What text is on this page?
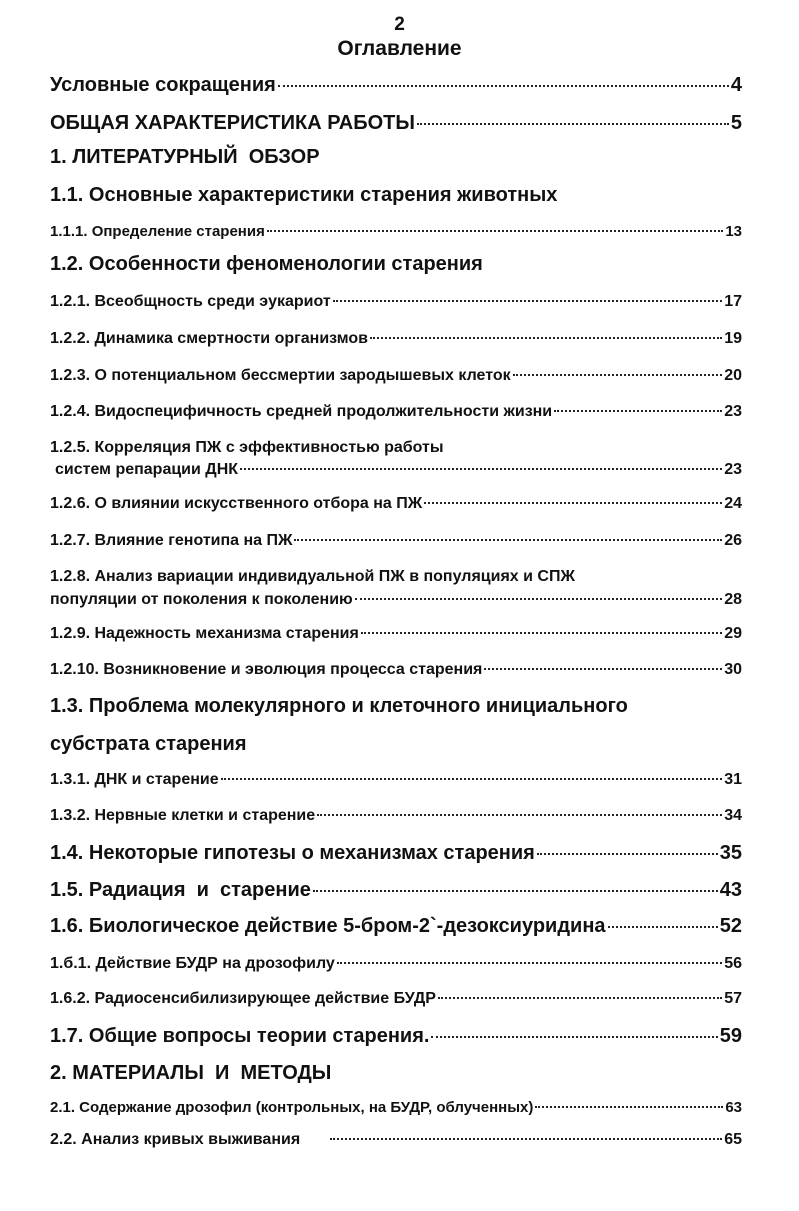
2
Оглавление
Условные сокращения	4
ОБЩАЯ ХАРАКТЕРИСТИКА РАБОТЫ	5
1. ЛИТЕРАТУРНЫЙ  ОБЗОР
1.1. Основные характеристики старения животных
1.1.1. Определение старения	13
1.2. Особенности феноменологии старения
1.2.1. Всеобщность среди эукариот	17
1.2.2. Динамика смертности организмов	19
1.2.3. О потенциальном бессмертии зародышевых клеток	20
1.2.4. Видоспецифичность средней продолжительности жизни	23
1.2.5. Корреляция ПЖ с эффективностью работы
систем репарации ДНК	23
1.2.6. О влиянии искусственного отбора на ПЖ	24
1.2.7. Влияние генотипа на ПЖ	26
1.2.8. Анализ вариации индивидуальной ПЖ в популяциях и СПЖ
популяции от поколения к поколению	28
1.2.9. Надежность механизма старения	29
1.2.10. Возникновение и эволюция процесса старения	30
1.3. Проблема молекулярного и клеточного инициального
субстрата старения
1.3.1. ДНК и старение	31
1.3.2. Нервные клетки и старение	34
1.4. Некоторые гипотезы о механизмах старения	35
1.5. Радиация  и  старение	43
1.6. Биологическое действие 5-бром-2`-дезоксиуридина	52
1.б.1. Действие БУДР на дрозофилу	56
1.6.2. Радиосенсибилизирующее действие БУДР	57
1.7. Общие вопросы теории старения.	59
2. МАТЕРИАЛЫ  И  МЕТОДЫ
2.1. Содержание дрозофил (контрольных, на БУДР, облученных)	63
2.2. Анализ кривых выживания	65
